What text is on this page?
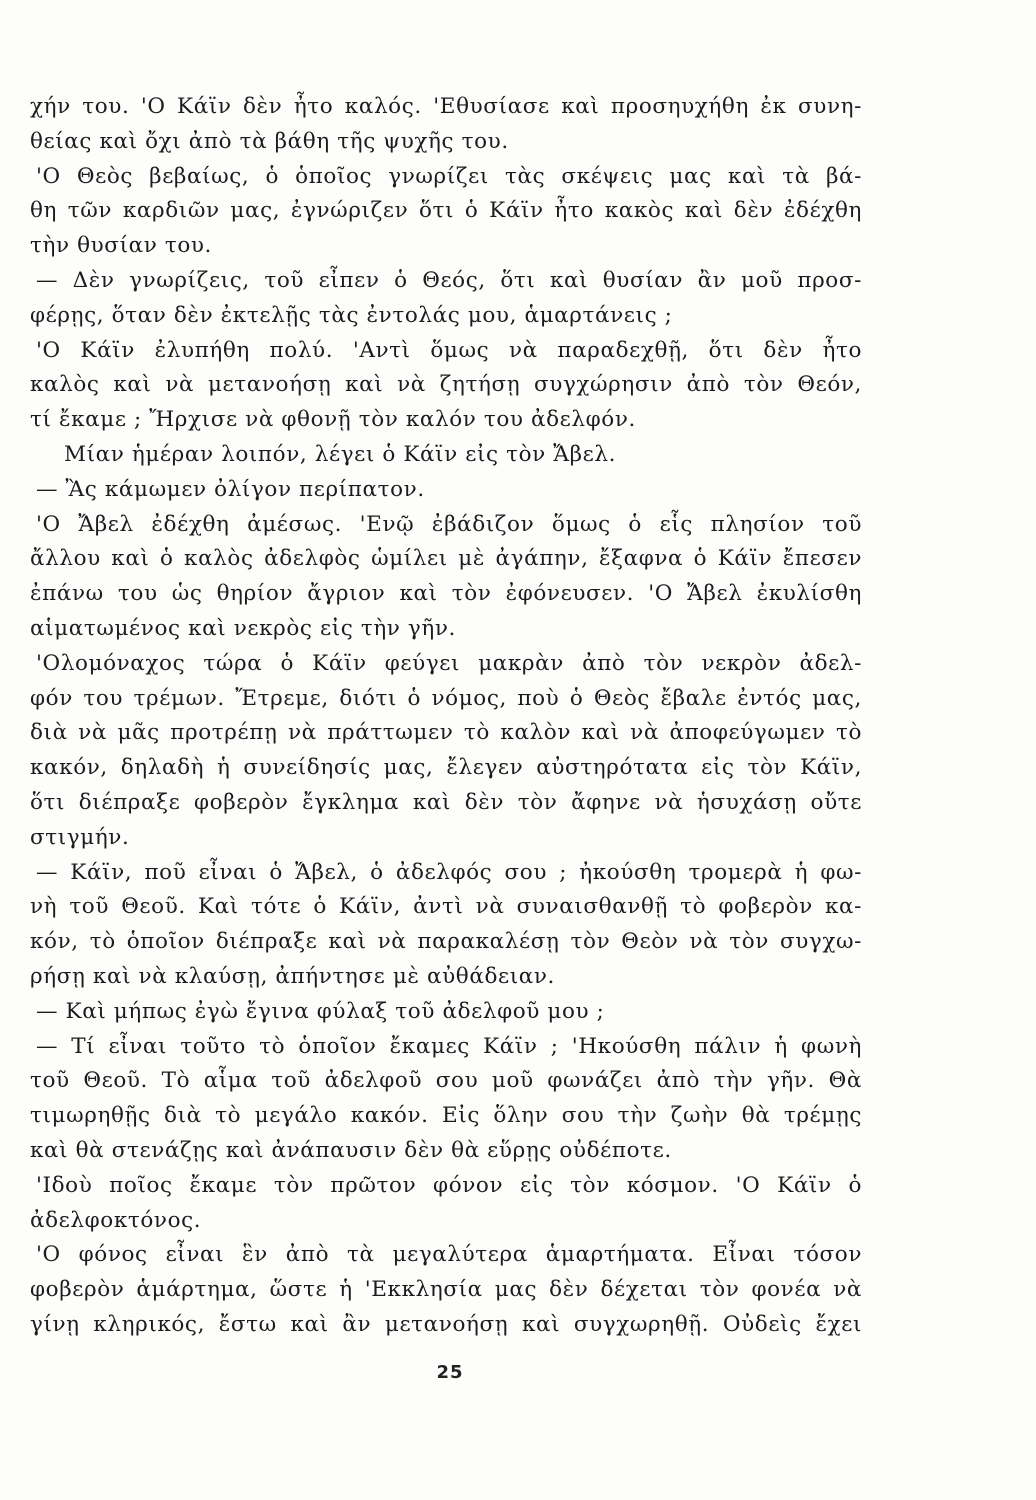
χήν του. 'Ο Κάϊν δὲν ἦτο καλός. 'Εθυσίασε καὶ προσηυχήθη ἐκ συνη-
θείας καὶ ὄχι ἀπὸ τὰ βάθη τῆς ψυχῆς του.
'Ο Θεὸς βεβαίως, ὁ ὁποῖος γνωρίζει τὰς σκέψεις μας καὶ τὰ βά-
θη τῶν καρδιῶν μας, ἐγνώριζεν ὅτι ὁ Κάϊν ἦτο κακὸς καὶ δὲν ἐδέχθη
τὴν θυσίαν του.
— Δὲν γνωρίζεις, τοῦ εἶπεν ὁ Θεός, ὅτι καὶ θυσίαν ἂν μοῦ προσ-
φέρῃς, ὅταν δὲν ἐκτελῇς τὰς ἐντολάς μου, ἁμαρτάνεις ;
'Ο Κάϊν ἐλυπήθη πολύ. 'Αντὶ ὅμως νὰ παραδεχθῇ, ὅτι δὲν ἦτο
καλὸς καὶ νὰ μετανοήσῃ καὶ νὰ ζητήσῃ συγχώρησιν ἀπὸ τὸν Θεόν,
τί ἔκαμε ; Ἤρχισε νὰ φθονῇ τὸν καλόν του ἀδελφόν.
Μίαν ἡμέραν λοιπόν, λέγει ὁ Κάϊν εἰς τὸν Ἄβελ.
— Ἂς κάμωμεν ὀλίγον περίπατον.
'Ο Ἄβελ ἐδέχθη ἀμέσως. 'Ενῷ ἐβάδιζον ὅμως ὁ εἷς πλησίον τοῦ
ἄλλου καὶ ὁ καλὸς ἀδελφὸς ὡμίλει μὲ ἀγάπην, ἔξαφνα ὁ Κάϊν ἔπεσεν
ἐπάνω του ὡς θηρίον ἄγριον καὶ τὸν ἐφόνευσεν. 'Ο Ἄβελ ἐκυλίσθη
αἱματωμένος καὶ νεκρὸς εἰς τὴν γῆν.
'Ολομόναχος τώρα ὁ Κάϊν φεύγει μακρὰν ἀπὸ τὸν νεκρὸν ἀδελ-
φόν του τρέμων. Ἔτρεμε, διότι ὁ νόμος, ποὺ ὁ Θεὸς ἔβαλε ἐντός μας,
διὰ νὰ μᾶς προτρέπῃ νὰ πράττωμεν τὸ καλὸν καὶ νὰ ἀποφεύγωμεν τὸ
κακόν, δηλαδὴ ἡ συνείδησίς μας, ἔλεγεν αὐστηρότατα εἰς τὸν Κάϊν,
ὅτι διέπραξε φοβερὸν ἔγκλημα καὶ δὲν τὸν ἄφηνε νὰ ἡσυχάσῃ οὔτε
στιγμήν.
— Κάϊν, ποῦ εἶναι ὁ Ἄβελ, ὁ ἀδελφός σου ; ἠκούσθη τρομερὰ ἡ φω-
νὴ τοῦ Θεοῦ. Καὶ τότε ὁ Κάϊν, ἀντὶ νὰ συναισθανθῇ τὸ φοβερὸν κα-
κόν, τὸ ὁποῖον διέπραξε καὶ νὰ παρακαλέσῃ τὸν Θεὸν νὰ τὸν συγχω-
ρήσῃ καὶ νὰ κλαύσῃ, ἀπήντησε μὲ αὐθάδειαν.
— Καὶ μήπως ἐγὼ ἔγινα φύλαξ τοῦ ἀδελφοῦ μου ;
— Τί εἶναι τοῦτο τὸ ὁποῖον ἔκαμες Κάϊν ; 'Ηκούσθη πάλιν ἡ φωνὴ
τοῦ Θεοῦ. Τὸ αἷμα τοῦ ἀδελφοῦ σου μοῦ φωνάζει ἀπὸ τὴν γῆν. Θὰ
τιμωρηθῇς διὰ τὸ μεγάλο κακόν. Εἰς ὅλην σου τὴν ζωὴν θὰ τρέμῃς
καὶ θὰ στενάζῃς καὶ ἀνάπαυσιν δὲν θὰ εὕρῃς οὐδέποτε.
'Ιδοὺ ποῖος ἔκαμε τὸν πρῶτον φόνον εἰς τὸν κόσμον. 'Ο Κάϊν ὁ
ἀδελφοκτόνος.
'Ο φόνος εἶναι ἓν ἀπὸ τὰ μεγαλύτερα ἁμαρτήματα. Εἶναι τόσον
φοβερὸν ἁμάρτημα, ὥστε ἡ 'Εκκλησία μας δὲν δέχεται τὸν φονέα νὰ
γίνῃ κληρικός, ἔστω καὶ ἂν μετανοήσῃ καὶ συγχωρηθῇ. Οὐδεὶς ἔχει
25
